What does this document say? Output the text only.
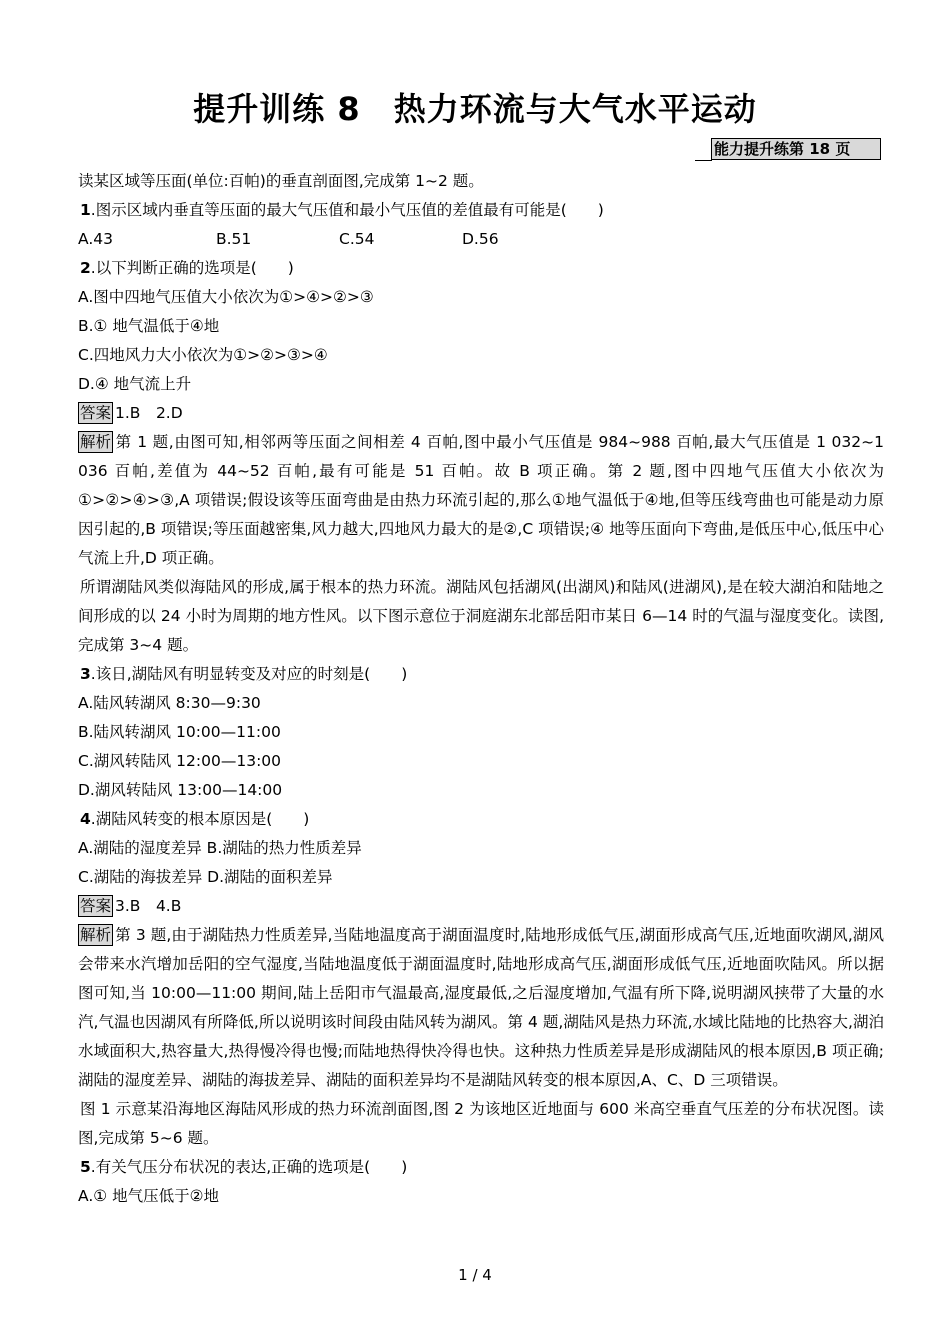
提升训练 8　热力环流与大气水平运动
能力提升练第 18 页

读某区域等压面(单位:百帕)的垂直剖面图,完成第 1~2 题。

1.图示区域内垂直等压面的最大气压值和最小气压值的差值最有可能是(　　)

A.43	B.51	C.54	D.56

2.以下判断正确的选项是(　　)

A.图中四地气压值大小依次为①>④>②>③

B.① 地气温低于④地

C.四地风力大小依次为①>②>③>④

D.④ 地气流上升

答案 1.B　2.D

解析 第 1 题,由图可知,相邻两等压面之间相差 4 百帕,图中最小气压值是 984~988 百帕,最大气压值是 1 032~1 036 百帕,差值为 44~52 百帕,最有可能是 51 百帕。故 B 项正确。第 2 题,图中四地气压值大小依次为①>②>④>③,A 项错误;假设该等压面弯曲是由热力环流引起的,那么①地气温低于④地,但等压线弯曲也可能是动力原因引起的,B 项错误;等压面越密集,风力越大,四地风力最大的是②,C 项错误;④ 地等压面向下弯曲,是低压中心,低压中心气流上升,D 项正确。

所谓湖陆风类似海陆风的形成,属于根本的热力环流。湖陆风包括湖风(出湖风)和陆风(进湖风),是在较大湖泊和陆地之间形成的以 24 小时为周期的地方性风。以下图示意位于洞庭湖东北部岳阳市某日 6—14 时的气温与湿度变化。读图,完成第 3~4 题。

3.该日,湖陆风有明显转变及对应的时刻是(　　)

A.陆风转湖风 8:30—9:30

B.陆风转湖风 10:00—11:00

C.湖风转陆风 12:00—13:00

D.湖风转陆风 13:00—14:00

4.湖陆风转变的根本原因是(　　)

A.湖陆的湿度差异 B.湖陆的热力性质差异

C.湖陆的海拔差异 D.湖陆的面积差异

答案 3.B　4.B

解析 第 3 题,由于湖陆热力性质差异,当陆地温度高于湖面温度时,陆地形成低气压,湖面形成高气压,近地面吹湖风,湖风会带来水汽增加岳阳的空气湿度,当陆地温度低于湖面温度时,陆地形成高气压,湖面形成低气压,近地面吹陆风。所以据图可知,当 10:00—11:00 期间,陆上岳阳市气温最高,湿度最低,之后湿度增加,气温有所下降,说明湖风挟带了大量的水汽,气温也因湖风有所降低,所以说明该时间段由陆风转为湖风。第 4 题,湖陆风是热力环流,水域比陆地的比热容大,湖泊水域面积大,热容量大,热得慢冷得也慢;而陆地热得快冷得也快。这种热力性质差异是形成湖陆风的根本原因,B 项正确;湖陆的湿度差异、湖陆的海拔差异、湖陆的面积差异均不是湖陆风转变的根本原因,A、C、D 三项错误。

图 1 示意某沿海地区海陆风形成的热力环流剖面图,图 2 为该地区近地面与 600 米高空垂直气压差的分布状况图。读图,完成第 5~6 题。

5.有关气压分布状况的表达,正确的选项是(　　)

A.① 地气压低于②地

1 / 4
